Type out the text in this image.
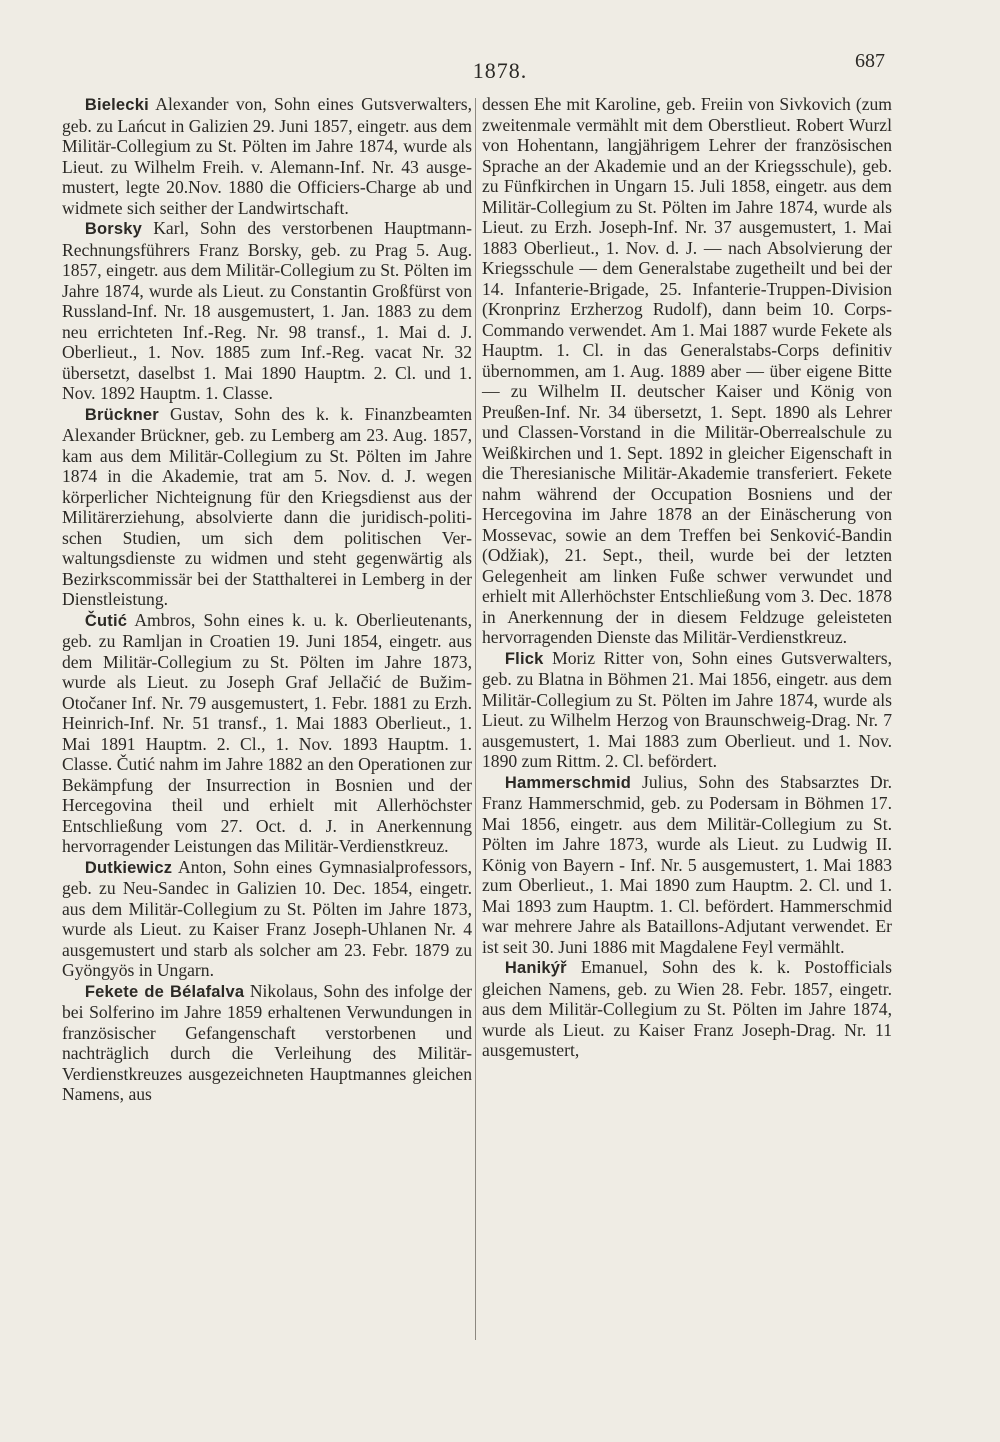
1878.	687

Bielecki Alexander von, Sohn eines Gutsverwalters, geb. zu Lańcut in Galizien 29. Juni 1857, eingetr. aus dem Militär-Collegium zu St. Pölten im Jahre 1874, wurde als Lieut. zu Wilhelm Freih. v. Alemann-Inf. Nr. 43 ausgemustert, legte 20.Nov. 1880 die Officiers-Charge ab und widmete sich seither der Landwirtschaft.

Borsky Karl, Sohn des verstorbenen Hauptmann-Rechnungsführers Franz Borsky, geb. zu Prag 5. Aug. 1857, eingetr. aus dem Militär-Collegium zu St. Pölten im Jahre 1874, wurde als Lieut. zu Constantin Großfürst von Russland-Inf. Nr. 18 ausgemustert, 1. Jan. 1883 zu dem neu errichteten Inf.-Reg. Nr. 98 transf., 1. Mai d. J. Oberlieut., 1. Nov. 1885 zum Inf.-Reg. vacat Nr. 32 übersetzt, daselbst 1. Mai 1890 Hauptm. 2. Cl. und 1. Nov. 1892 Hauptm. 1. Classe.

Brückner Gustav, Sohn des k. k. Finanzbeamten Alexander Brückner, geb. zu Lemberg am 23. Aug. 1857, kam aus dem Militär-Collegium zu St. Pölten im Jahre 1874 in die Akademie, trat am 5. Nov. d. J. wegen körperlicher Nichteignung für den Kriegsdienst aus der Militärerziehung, absolvierte dann die juridisch-politischen Studien, um sich dem politischen Verwaltungsdienste zu widmen und steht gegenwärtig als Bezirkscommissär bei der Statthalterei in Lemberg in der Dienstleistung.

Čutić Ambros, Sohn eines k. u. k. Oberlieutenants, geb. zu Ramljan in Croatien 19. Juni 1854, eingetr. aus dem Militär-Collegium zu St. Pölten im Jahre 1873, wurde als Lieut. zu Joseph Graf Jellačić de Bužim-Otočaner Inf. Nr. 79 ausgemustert, 1. Febr. 1881 zu Erzh. Heinrich-Inf. Nr. 51 transf., 1. Mai 1883 Oberlieut., 1. Mai 1891 Hauptm. 2. Cl., 1. Nov. 1893 Hauptm. 1. Classe. Čutić nahm im Jahre 1882 an den Operationen zur Bekämpfung der Insurrection in Bosnien und der Hercegovina theil und erhielt mit Allerhöchster Entschließung vom 27. Oct. d. J. in Anerkennung hervorragender Leistungen das Militär-Verdienstkreuz.

Dutkiewicz Anton, Sohn eines Gymnasialprofessors, geb. zu Neu-Sandec in Galizien 10. Dec. 1854, eingetr. aus dem Militär-Collegium zu St. Pölten im Jahre 1873, wurde als Lieut. zu Kaiser Franz Joseph-Uhlanen Nr. 4 ausgemustert und starb als solcher am 23. Febr. 1879 zu Gyöngyös in Ungarn.

Fekete de Bélafalva Nikolaus, Sohn des infolge der bei Solferino im Jahre 1859 erhaltenen Verwundungen in französischer Gefangenschaft verstorbenen und nachträglich durch die Verleihung des Militär-Verdienstkreuzes ausgezeichneten Hauptmannes gleichen Namens, aus

dessen Ehe mit Karoline, geb. Freiin von Sivkovich (zum zweitenmale vermählt mit dem Oberstlieut. Robert Wurzl von Hohentann, langjährigem Lehrer der französischen Sprache an der Akademie und an der Kriegsschule), geb. zu Fünfkirchen in Ungarn 15. Juli 1858, eingetr. aus dem Militär-Collegium zu St. Pölten im Jahre 1874, wurde als Lieut. zu Erzh. Joseph-Inf. Nr. 37 ausgemustert, 1. Mai 1883 Oberlieut., 1. Nov. d. J. — nach Absolvierung der Kriegsschule — dem Generalstabe zugetheilt und bei der 14. Infanterie-Brigade, 25. Infanterie-Truppen-Division (Kronprinz Erzherzog Rudolf), dann beim 10. Corps-Commando verwendet. Am 1. Mai 1887 wurde Fekete als Hauptm. 1. Cl. in das Generalstabs-Corps definitiv übernommen, am 1. Aug. 1889 aber — über eigene Bitte — zu Wilhelm II. deutscher Kaiser und König von Preußen-Inf. Nr. 34 übersetzt, 1. Sept. 1890 als Lehrer und Classen-Vorstand in die Militär-Oberrealschule zu Weißkirchen und 1. Sept. 1892 in gleicher Eigenschaft in die Theresianische Militär-Akademie transferiert. Fekete nahm während der Occupation Bosniens und der Hercegovina im Jahre 1878 an der Einäscherung von Mossevac, sowie an dem Treffen bei Senković-Bandin (Odžiak), 21. Sept., theil, wurde bei der letzten Gelegenheit am linken Fuße schwer verwundet und erhielt mit Allerhöchster Entschließung vom 3. Dec. 1878 in Anerkennung der in diesem Feldzuge geleisteten hervorragenden Dienste das Militär-Verdienstkreuz.

Flick Moriz Ritter von, Sohn eines Gutsverwalters, geb. zu Blatna in Böhmen 21. Mai 1856, eingetr. aus dem Militär-Collegium zu St. Pölten im Jahre 1874, wurde als Lieut. zu Wilhelm Herzog von Braunschweig-Drag. Nr. 7 ausgemustert, 1. Mai 1883 zum Oberlieut. und 1. Nov. 1890 zum Rittm. 2. Cl. befördert.

Hammerschmid Julius, Sohn des Stabsarztes Dr. Franz Hammerschmid, geb. zu Podersam in Böhmen 17. Mai 1856, eingetr. aus dem Militär-Collegium zu St. Pölten im Jahre 1873, wurde als Lieut. zu Ludwig II. König von Bayern - Inf. Nr. 5 ausgemustert, 1. Mai 1883 zum Oberlieut., 1. Mai 1890 zum Hauptm. 2. Cl. und 1. Mai 1893 zum Hauptm. 1. Cl. befördert. Hammerschmid war mehrere Jahre als Bataillons-Adjutant verwendet. Er ist seit 30. Juni 1886 mit Magdalene Feyl vermählt.

Hanikýř Emanuel, Sohn des k. k. Postofficials gleichen Namens, geb. zu Wien 28. Febr. 1857, eingetr. aus dem Militär-Collegium zu St. Pölten im Jahre 1874, wurde als Lieut. zu Kaiser Franz Joseph-Drag. Nr. 11 ausgemustert,
